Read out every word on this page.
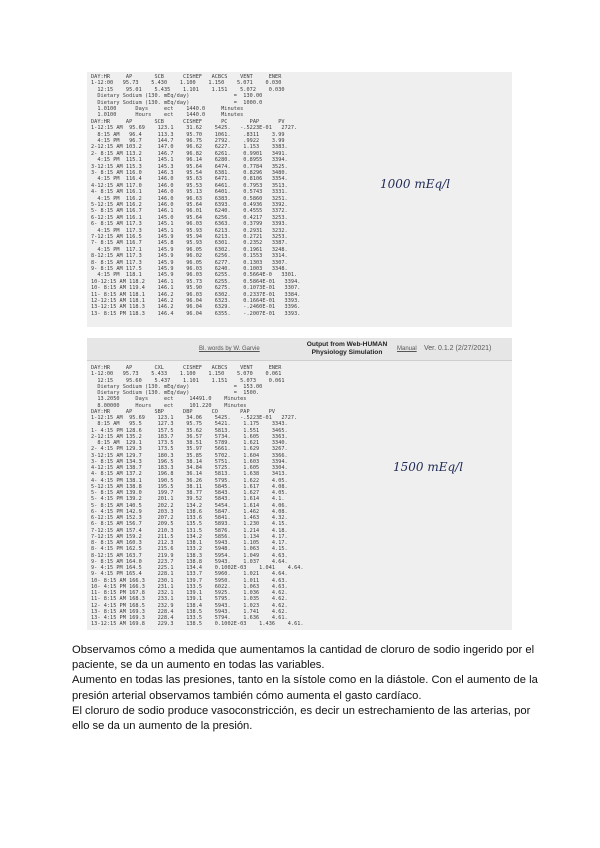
DAY:HR     AP       SCB      CISHEF   ACBCS    VENT     ENER
1-12:00   95.73    5.430    1.100    1.150    5.071    0.030
12:15    95.01    5.435    1.101    1.151    5.072    0.030
Dietary Sodium (130. mEq/day)              =  130.00
Dietary Sodium (130. mEq/day)              =  1000.0
1.0100      Days     ect    1440.0     Minutes
1.0100      Hours    ect    1440.0     Minutes
DAY:HR     AP       SCB      CISHEF      PC       PAP      PV
1-12:15 AM  95.69    123.1    31.62    5425.   -.5223E-01   2727.
8:15 AM   96.4     113.3    95.70    1061.    .8311    3.99
4:15 PM   96.7     144.7    96.75    2792.    .9922    3.99
2-12:15 AM 103.2     147.0    96.62    6227.    1.153    3383.
2- 8:15 AM 113.2     146.7    96.82    6261.    0.9901   3491.
4:15 PM  115.1     145.1    96.14    6280.    0.8955   3394.
3-12:15 AM 115.3     145.3    95.64    6474.    0.7784   3525.
3- 8:15 AM 116.0     146.3    95.54    6381.    0.8296   3480.
4:15 PM  116.4     146.0    95.63    6471.    0.8106   3354.
4-12:15 AM 117.0     146.0    95.53    6461.    0.7953   3513.
4- 8:15 AM 116.1     146.0    95.13    6401.    0.5743   3331.
4:15 PM  116.2     146.0    96.63    6383.    0.5860   3251.
5-12:15 AM 116.2     146.0    95.64    6393.    0.4936   3392.
5- 8:15 AM 116.7     146.1    96.01    6240.    0.4555   3372.
6-12:15 AM 116.1     145.0    95.64    6256.    0.4217   3253.
6- 8:15 AM 117.3     145.1    96.03    6363.    0.3799   3393.
4:15 PM  117.3     145.1    95.93    6213.    0.2931   3232.
7-12:15 AM 116.5     145.9    95.94    6213.    0.2721   3253.
7- 8:15 AM 116.7     145.8    95.93    6301.    0.2352   3387.
4:15 PM  117.1     145.9    96.05    6302.    0.1961   3248.
8-12:15 AM 117.3     145.9    96.02    6256.    0.1553   3314.
8- 8:15 AM 117.3     145.9    96.05    6277.    0.1303   3307.
9- 8:15 AM 117.5     145.9    96.03    6240.    0.1003   3348.
4:15 PM  118.1     145.9    96.03    6255.    0.5664E-0   3301.
10-12:15 AM 118.2    146.1    95.73    6255.    0.5864E-01   3394.
10- 8:15 AM 119.4    146.1    95.90    6275.    0.1073E-01   3307.
11- 8:15 AM 118.1    146.2    96.03    6302.    0.2337E-01   3384.
12-12:15 AM 118.1    146.2    96.04    6323.    0.1664E-01   3393.
13-12:15 AM 118.3    146.2    96.04    6329.    -.2460E-01   3396.
13- 8:15 PM 118.3    146.4    96.04    6355.    -.2007E-01   3393.
1000 mEq/l
Bl. words by W. Garvie
Output from Web-HUMAN
Physiology Simulation	Manual Ver. 0.1.2 (2/27/2021)
DAY:HR     AP       CXL      CISHEF   ACBCS    VENT     ENER
1-12:00   95.73    5.433    1.100    1.150    5.070    0.061
12:15    95.60    5.437    1.101    1.151    5.073    0.061
Dietary Sodium (130. mEq/day)              =  153.00
Dietary Sodium (130. mEq/day)              =  1500.
13.2050     Days     ect     14491.0    Minutes
8.00000     Hours    ect     101.220    Minutes
DAY:HR     AP       SBP      DBP      CO       PAP      PV
1-12:15 AM  95.69    123.1    34.06    5425.   -.5223E-01   2727.
8:15 AM   95.5     127.3    95.75    5421.    1.175    3343.
1- 4:15 PM 128.6     157.5    35.62    5813.    1.551    3465.
2-12:15 AM 135.2     183.7    36.57    5734.    1.605    3363.
8:15 AM  129.1     173.5    38.51    5789.    1.621    3340.
2- 4:15 PM 129.3     173.5    35.97    5661.    1.629    3267.
3-12:15 AM 129.7     180.3    35.85    5702.    1.604    3366.
3- 8:15 AM 134.3     196.5    38.14    5751.    1.603    3394.
4-12:15 AM 138.7     183.3    34.84    5725.    1.605    3304.
4- 8:15 AM 137.2     196.8    36.14    5813.    1.638    3413.
4- 4:15 PM 138.1     190.5    36.26    5795.    1.622    4.05.
5-12:15 AM 138.8     195.5    38.11    5845.    1.617    4.08.
5- 8:15 AM 139.0     199.7    38.77    5843.    1.627    4.05.
5- 4:15 PM 139.2     201.1    39.52    5843.    1.614    4.1.
5- 8:15 AM 140.5     202.2    134.2    5454.    1.614    4.06.
6- 4:15 PM 142.9     203.3    138.6    5847.    1.462    4.08.
6-12:15 AM 152.3     207.2    133.6    5841.    1.463    4.32.
6- 8:15 AM 156.7     209.5    135.5    5893.    1.230    4.15.
7-12:15 AM 157.4     210.3    131.5    5876.    1.214    4.18.
7-12:15 AM 159.2     211.5    134.2    5856.    1.134    4.17.
8- 8:15 AM 160.3     212.3    138.1    5943.    1.105    4.17.
8- 4:15 PM 162.5     215.6    133.2    5948.    1.063    4.15.
8-12:15 AM 163.7     219.9    138.3    5954.    1.049    4.63.
9- 8:15 AM 164.0     223.7    138.8    5943.    1.037    4.64.
9- 4:15 PM 164.5     225.1    134.4    0.1002E-03    1.041    4.64.
9- 4:15 PM 165.4     228.1    133.7    5960.    1.021    4.64.
10- 8:15 AM 166.3    230.1    139.7    5950.    1.011    4.63.
10- 4:15 PM 166.3    231.1    133.5    6022.    1.063    4.63.
11- 8:15 PM 167.8    232.1    139.1    5925.    1.036    4.62.
11- 8:15 AM 168.3    233.1    139.1    5795.    1.035    4.62.
12- 4:15 PM 168.5    232.9    138.4    5943.    1.023    4.62.
13- 8:15 AM 169.3    228.4    138.5    5943.    1.741    4.62.
13- 4:15 PM 169.3    228.4    133.5    5794.    1.636    4.61.
13-12:15 AM 169.8    229.3    138.5    0.1002E-03    1.436    4.61.
1500 mEq/l

Observamos cómo a medida que aumentamos la cantidad de cloruro de sodio ingerido por el paciente, se da un aumento en todas las variables.

Aumento en todas las presiones, tanto en la sístole como en la diástole. Con el aumento de la presión arterial observamos también cómo aumenta el gasto cardíaco.

El cloruro de sodio produce vasoconstricción, es decir un estrechamiento de las arterias, por ello se da un aumento de la presión.
